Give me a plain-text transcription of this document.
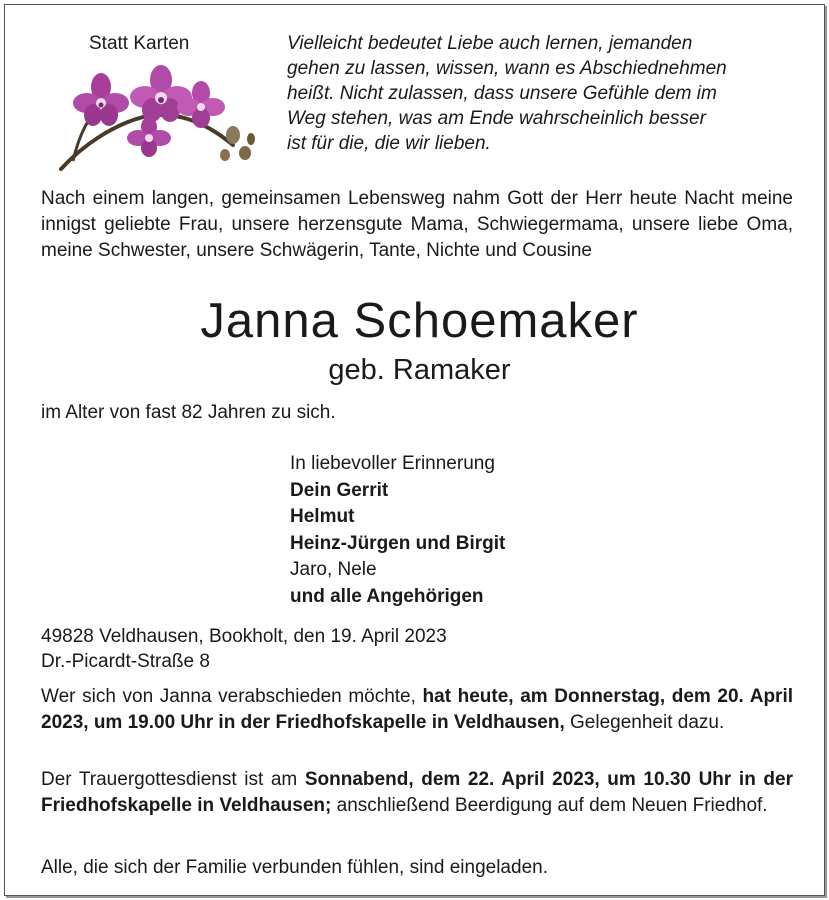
Statt Karten	Vielleicht bedeutet Liebe auch lernen, jemanden
gehen zu lassen, wissen, wann es Abschiednehmen
heißt. Nicht zulassen, dass unsere Gefühle dem im
Weg stehen, was am Ende wahrscheinlich besser
ist für die, die wir lieben.
Nach einem langen, gemeinsamen Lebensweg nahm Gott der Herr heute Nacht meine innigst geliebte Frau, unsere herzensgute Mama, Schwiegermama, unsere liebe Oma, meine Schwester, unsere Schwägerin, Tante, Nichte und Cousine
Janna Schoemaker
geb. Ramaker
im Alter von fast 82 Jahren zu sich.
In liebevoller Erinnerung
Dein Gerrit
Helmut
Heinz-Jürgen und Birgit
Jaro, Nele
und alle Angehörigen
49828 Veldhausen, Bookholt, den 19. April 2023
Dr.-Picardt-Straße 8
Wer sich von Janna verabschieden möchte, hat heute, am Donnerstag, dem 20. April 2023, um 19.00 Uhr in der Friedhofskapelle in Veldhausen, Gelegenheit dazu.
Der Trauergottesdienst ist am Sonnabend, dem 22. April 2023, um 10.30 Uhr in der Friedhofskapelle in Veldhausen; anschließend Beerdigung auf dem Neuen Friedhof.
Alle, die sich der Familie verbunden fühlen, sind eingeladen.
